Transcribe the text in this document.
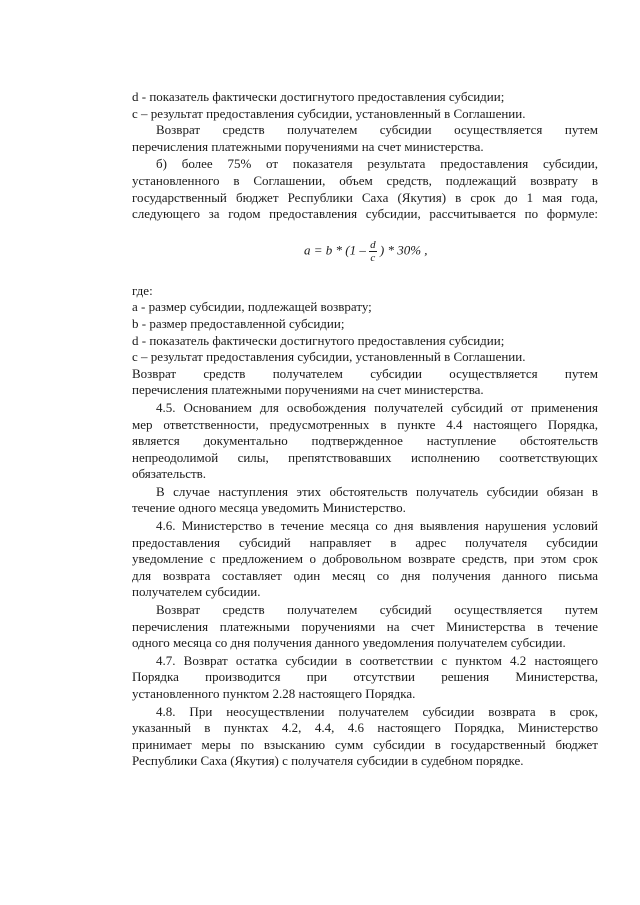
d - показатель фактически достигнутого предоставления субсидии;
c – результат предоставления субсидии, установленный в Соглашении.
Возврат средств получателем субсидии осуществляется путем
перечисления платежными поручениями на счет министерства.
б) более 75% от показателя результата предоставления субсидии,
установленного в Соглашении, объем средств, подлежащий возврату в
государственный бюджет Республики Саха (Якутия) в срок до 1 мая года,
следующего за годом предоставления субсидии, рассчитывается по формуле:
$a = b * (1 - \frac{d}{c}$ ) * 30% ,
где:
a - размер субсидии, подлежащей возврату;
b - размер предоставленной субсидии;
d - показатель фактически достигнутого предоставления субсидии;
c – результат предоставления субсидии, установленный в Соглашении.
Возврат средств получателем субсидии осуществляется путем
перечисления платежными поручениями на счет министерства.
4.5. Основанием для освобождения получателей субсидий от применения
мер ответственности, предусмотренных в пункте 4.4 настоящего Порядка,
является документально подтвержденное наступление обстоятельств
непреодолимой силы, препятствовавших исполнению соответствующих
обязательств.
В случае наступления этих обстоятельств получатель субсидии обязан в
течение одного месяца уведомить Министерство.
4.6. Министерство в течение месяца со дня выявления нарушения условий
предоставления субсидий направляет в адрес получателя субсидии
уведомление с предложением о добровольном возврате средств, при этом срок
для возврата составляет один месяц со дня получения данного письма
получателем субсидии.
Возврат средств получателем субсидий осуществляется путем
перечисления платежными поручениями на счет Министерства в течение
одного месяца со дня получения данного уведомления получателем субсидии.
4.7. Возврат остатка субсидии в соответствии с пунктом 4.2 настоящего
Порядка производится при отсутствии решения Министерства,
установленного пунктом 2.28 настоящего Порядка.
4.8. При неосуществлении получателем субсидии возврата в срок,
указанный в пунктах 4.2, 4.4, 4.6 настоящего Порядка, Министерство
принимает меры по взысканию сумм субсидии в государственный бюджет
Республики Саха (Якутия) с получателя субсидии в судебном порядке.
